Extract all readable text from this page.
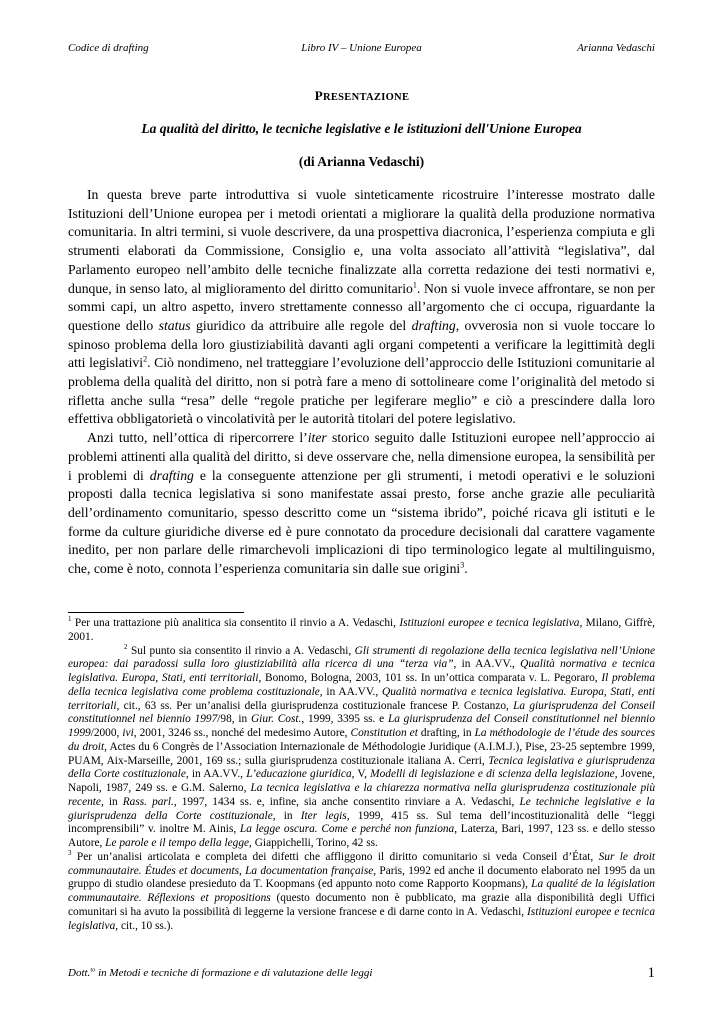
Codice di drafting	Libro IV – Unione Europea	Arianna Vedaschi
PRESENTAZIONE
La qualità del diritto, le tecniche legislative e le istituzioni dell'Unione Europea
(di Arianna Vedaschi)

In questa breve parte introduttiva si vuole sinteticamente ricostruire l’interesse mostrato dalle Istituzioni dell’Unione europea per i metodi orientati a migliorare la qualità della produzione normativa comunitaria. In altri termini, si vuole descrivere, da una prospettiva diacronica, l’esperienza compiuta e gli strumenti elaborati da Commissione, Consiglio e, una volta associato all’attività “legislativa”, dal Parlamento europeo nell’ambito delle tecniche finalizzate alla corretta redazione dei testi normativi e, dunque, in senso lato, al miglioramento del diritto comunitario$^1$. Non si vuole invece affrontare, se non per sommi capi, un altro aspetto, invero strettamente connesso all’argomento che ci occupa, riguardante la questione dello status giuridico da attribuire alle regole del drafting, ovverosia non si vuole toccare lo spinoso problema della loro giustiziabilità davanti agli organi competenti a verificare la legittimità degli atti legislativi$^2$. Ciò nondimeno, nel tratteggiare l’evoluzione dell’approccio delle Istituzioni comunitarie al problema della qualità del diritto, non si potrà fare a meno di sottolineare come l’originalità del metodo si rifletta anche sulla “resa” delle “regole pratiche per legiferare meglio” e ciò a prescindere dalla loro effettiva obbligatorietà o vincolatività per le autorità titolari del potere legislativo.

Anzi tutto, nell’ottica di ripercorrere l’iter storico seguito dalle Istituzioni europee nell’approccio ai problemi attinenti alla qualità del diritto, si deve osservare che, nella dimensione europea, la sensibilità per i problemi di drafting e la conseguente attenzione per gli strumenti, i metodi operativi e le soluzioni proposti dalla tecnica legislativa si sono manifestate assai presto, forse anche grazie alle peculiarità dell’ordinamento comunitario, spesso descritto come un “sistema ibrido”, poiché ricava gli istituti e le forme da culture giuridiche diverse ed è pure connotato da procedure decisionali dal carattere vagamente inedito, per non parlare delle rimarchevoli implicazioni di tipo terminologico legate al multilinguismo, che, come è noto, connota l’esperienza comunitaria sin dalle sue origini$^3$.

$^1$ Per una trattazione più analitica sia consentito il rinvio a A. Vedaschi, Istituzioni europee e tecnica legislativa, Milano, Giffrè, 2001.

$^2$ Sul punto sia consentito il rinvio a A. Vedaschi, Gli strumenti di regolazione della tecnica legislativa nell’Unione europea: dai paradossi sulla loro giustiziabilità alla ricerca di una “terza via”, in AA.VV., Qualità normativa e tecnica legislativa. Europa, Stati, enti territoriali, Bonomo, Bologna, 2003, 101 ss. In un’ottica comparata v. L. Pegoraro, Il problema della tecnica legislativa come problema costituzionale, in AA.VV., Qualità normativa e tecnica legislativa. Europa, Stati, enti territoriali, cit., 63 ss. Per un’analisi della giurisprudenza costituzionale francese P. Costanzo, La giurisprudenza del Conseil constitutionnel nel biennio 1997/98, in Giur. Cost., 1999, 3395 ss. e La giurisprudenza del Conseil constitutionnel nel biennio 1999/2000, ivi, 2001, 3246 ss., nonché del medesimo Autore, Constitution et drafting, in La méthodologie de l’étude des sources du droit, Actes du 6 Congrès de l’Association Internazionale de Méthodologie Juridique (A.I.M.J.), Pise, 23-25 septembre 1999, PUAM, Aix-Marseille, 2001, 169 ss.; sulla giurisprudenza costituzionale italiana A. Cerri, Tecnica legislativa e giurisprudenza della Corte costituzionale, in AA.VV., L’educazione giuridica, V, Modelli di legislazione e di scienza della legislazione, Jovene, Napoli, 1987, 249 ss. e G.M. Salerno, La tecnica legislativa e la chiarezza normativa nella giurisprudenza costituzionale più recente, in Rass. parl., 1997, 1434 ss. e, infine, sia anche consentito rinviare a A. Vedaschi, Le techniche legislative e la giurisprudenza della Corte costituzionale, in Iter legis, 1999, 415 ss. Sul tema dell’incostituzionalità delle “leggi incomprensibili” v. inoltre M. Ainis, La legge oscura. Come e perché non funziona, Laterza, Bari, 1997, 123 ss. e dello stesso Autore, Le parole e il tempo della legge, Giappichelli, Torino, 42 ss.

$^3$ Per un’analisi articolata e completa dei difetti che affliggono il diritto comunitario si veda Conseil d’État, Sur le droit communautaire. Études et documents, La documentation française, Paris, 1992 ed anche il documento elaborato nel 1995 da un gruppo di studio olandese presieduto da T. Koopmans (ed appunto noto come Rapporto Koopmans), La qualité de la législation communautaire. Réflexions et propositions (questo documento non è pubblicato, ma grazie alla disponibilità degli Uffici comunitari si ha avuto la possibilità di leggerne la versione francese e di darne conto in A. Vedaschi, Istituzioni europee e tecnica legislativa, cit., 10 ss.).

Dott.$^{to}$ in Metodi e tecniche di formazione e di valutazione delle leggi	1
